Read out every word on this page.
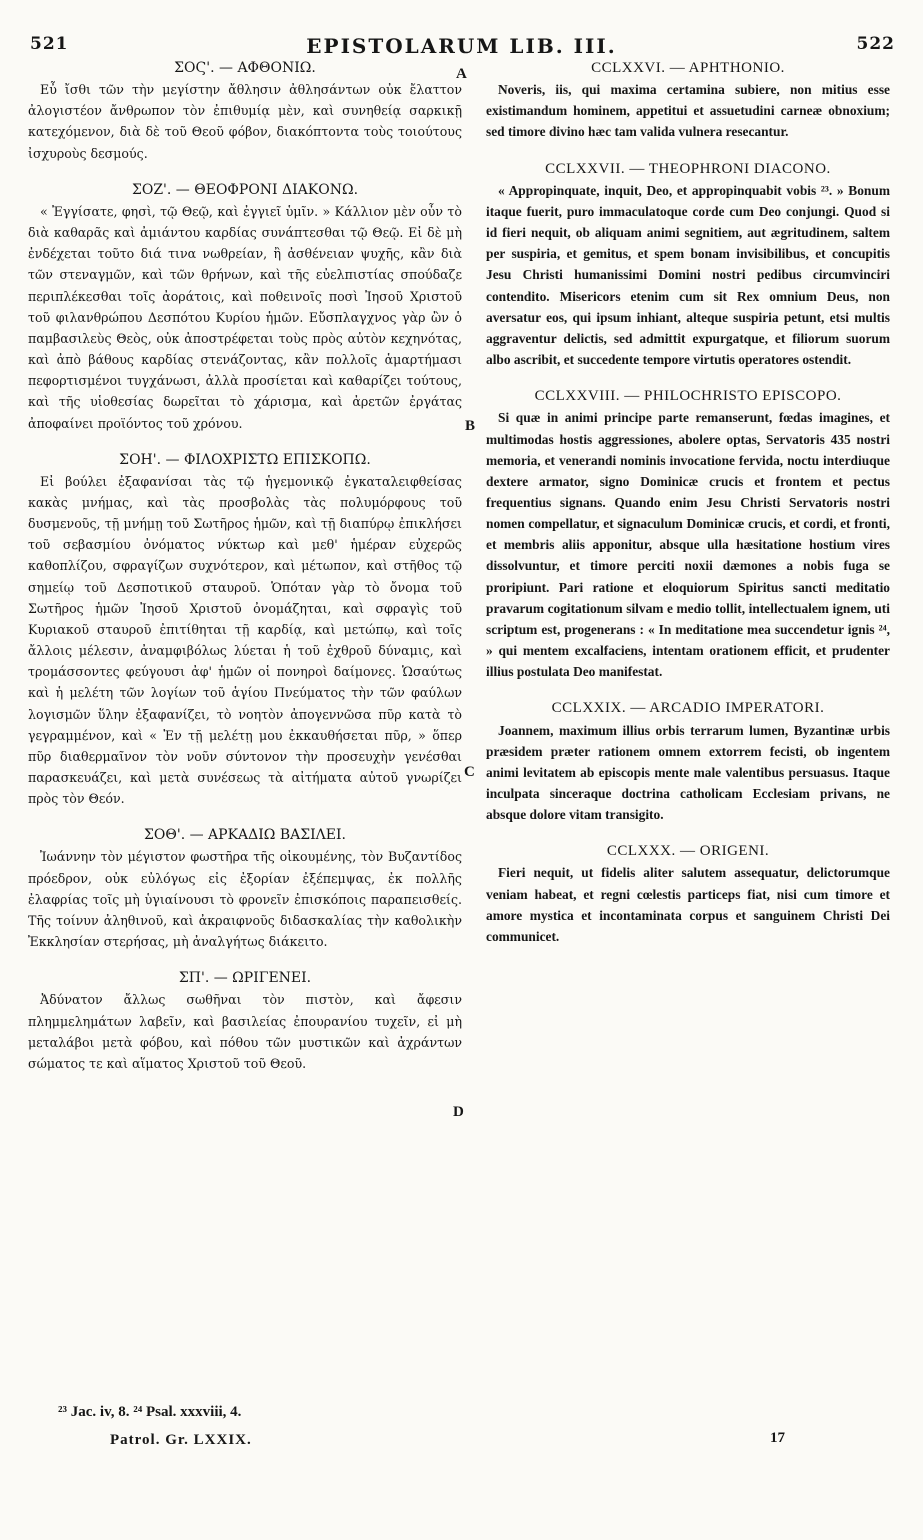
521	EPISTOLARUM LIB. III.	522
A
B
C
D

ΣΟϚ'. — ΑΦΘΟΝΙΩ.

Εὖ ἴσθι τῶν τὴν μεγίστην ἄθλησιν ἀθλησάντων οὐκ ἔλαττον ἀλογιστέον ἄνθρωπον τὸν ἐπιθυμίᾳ μὲν, καὶ συνηθείᾳ σαρκικῇ κατεχόμενον, διὰ δὲ τοῦ Θεοῦ φόβον, διακόπτοντα τοὺς τοιούτους ἰσχυροὺς δεσμούς.

ΣΟΖ'. — ΘΕΟΦΡΟΝΙ ΔΙΑΚΟΝΩ.

« Ἐγγίσατε, φησὶ, τῷ Θεῷ, καὶ ἐγγιεῖ ὑμῖν. » Κάλλιον μὲν οὖν τὸ διὰ καθαρᾶς καὶ ἀμιάντου καρδίας συνάπτεσθαι τῷ Θεῷ. Εἰ δὲ μὴ ἐνδέχεται τοῦτο διά τινα νωθρείαν, ἢ ἀσθένειαν ψυχῆς, κἂν διὰ τῶν στεναγμῶν, καὶ τῶν θρήνων, καὶ τῆς εὐελπιστίας σπούδαζε περιπλέκεσθαι τοῖς ἀοράτοις, καὶ ποθεινοῖς ποσὶ Ἰησοῦ Χριστοῦ τοῦ φιλανθρώπου Δεσπότου Κυρίου ἡμῶν. Εὔσπλαγχνος γὰρ ὢν ὁ παμβασιλεὺς Θεὸς, οὐκ ἀποστρέφεται τοὺς πρὸς αὐτὸν κεχηνότας, καὶ ἀπὸ βάθους καρδίας στενάζοντας, κἂν πολλοῖς ἁμαρτήμασι πεφορτισμένοι τυγχάνωσι, ἀλλὰ προσίεται καὶ καθαρίζει τούτους, καὶ τῆς υἱοθεσίας δωρεῖται τὸ χάρισμα, καὶ ἀρετῶν ἐργάτας ἀποφαίνει προϊόντος τοῦ χρόνου.

ΣΟΗ'. — ΦΙΛΟΧΡΙΣΤΩ ΕΠΙΣΚΟΠΩ.

Εἰ βούλει ἐξαφανίσαι τὰς τῷ ἡγεμονικῷ ἐγκαταλειφθείσας κακὰς μνήμας, καὶ τὰς προσβολὰς τὰς πολυμόρφους τοῦ δυσμενοῦς, τῇ μνήμῃ τοῦ Σωτῆρος ἡμῶν, καὶ τῇ διαπύρῳ ἐπικλήσει τοῦ σεβασμίου ὀνόματος νύκτωρ καὶ μεθ' ἡμέραν εὐχερῶς καθοπλίζου, σφραγίζων συχνότερον, καὶ μέτωπον, καὶ στῆθος τῷ σημείῳ τοῦ Δεσποτικοῦ σταυροῦ. Ὁπόταν γὰρ τὸ ὄνομα τοῦ Σωτῆρος ἡμῶν Ἰησοῦ Χριστοῦ ὀνομάζηται, καὶ σφραγὶς τοῦ Κυριακοῦ σταυροῦ ἐπιτίθηται τῇ καρδίᾳ, καὶ μετώπῳ, καὶ τοῖς ἄλλοις μέλεσιν, ἀναμφιβόλως λύεται ἡ τοῦ ἐχθροῦ δύναμις, καὶ τρομάσσοντες φεύγουσι ἀφ' ἡμῶν οἱ πονηροὶ δαίμονες. Ὡσαύτως καὶ ἡ μελέτη τῶν λογίων τοῦ ἁγίου Πνεύματος τὴν τῶν φαύλων λογισμῶν ὕλην ἐξαφανίζει, τὸ νοητὸν ἀπογεννῶσα πῦρ κατὰ τὸ γεγραμμένον, καὶ « Ἐν τῇ μελέτῃ μου ἐκκαυθήσεται πῦρ, » ὅπερ πῦρ διαθερμαῖνον τὸν νοῦν σύντονον τὴν προσευχὴν γενέσθαι παρασκευάζει, καὶ μετὰ συνέσεως τὰ αἰτήματα αὐτοῦ γνωρίζει πρὸς τὸν Θεόν.

ΣΟΘ'. — ΑΡΚΑΔΙΩ ΒΑΣΙΛΕΙ.

Ἰωάννην τὸν μέγιστον φωστῆρα τῆς οἰκουμένης, τὸν Βυζαντίδος πρόεδρον, οὐκ εὐλόγως εἰς ἐξορίαν ἐξέπεμψας, ἐκ πολλῆς ἐλαφρίας τοῖς μὴ ὑγιαίνουσι τὸ φρονεῖν ἐπισκόποις παραπεισθείς. Τῆς τοίνυν ἀληθινοῦ, καὶ ἀκραιφνοῦς διδασκαλίας τὴν καθολικὴν Ἐκκλησίαν στερήσας, μὴ ἀναλγήτως διάκειτο.

ΣΠ'. — ΩΡΙΓΕΝΕΙ.

Ἀδύνατον ἄλλως σωθῆναι τὸν πιστὸν, καὶ ἄφεσιν πλημμελημάτων λαβεῖν, καὶ βασιλείας ἐπουρανίου τυχεῖν, εἰ μὴ μεταλάβοι μετὰ φόβου, καὶ πόθου τῶν μυστικῶν καὶ ἀχράντων σώματος τε καὶ αἵματος Χριστοῦ τοῦ Θεοῦ.

CCLXXVI. — APHTHONIO.

Noveris, iis, qui maxima certamina subiere, non mitius esse existimandum hominem, appetitui et assuetudini carneæ obnoxium; sed timore divino hæc tam valida vulnera resecantur.

CCLXXVII. — THEOPHRONI DIACONO.

« Appropinquate, inquit, Deo, et appropinquabit vobis ²³. » Bonum itaque fuerit, puro immaculatoque corde cum Deo conjungi. Quod si id fieri nequit, ob aliquam animi segnitiem, aut ægritudinem, saltem per suspiria, et gemitus, et spem bonam invisibilibus, et concupitis Jesu Christi humanissimi Domini nostri pedibus circumvinciri contendito. Misericors etenim cum sit Rex omnium Deus, non aversatur eos, qui ipsum inhiant, alteque suspiria petunt, etsi multis aggraventur delictis, sed admittit expurgatque, et filiorum suorum albo ascribit, et succedente tempore virtutis operatores ostendit.

CCLXXVIII. — PHILOCHRISTO EPISCOPO.

Si quæ in animi principe parte remanserunt, fœdas imagines, et multimodas hostis aggressiones, abolere optas, Servatoris 435 nostri memoria, et venerandi nominis invocatione fervida, noctu interdiuque dextere armator, signo Dominicæ crucis et frontem et pectus frequentius signans. Quando enim Jesu Christi Servatoris nostri nomen compellatur, et signaculum Dominicæ crucis, et cordi, et fronti, et membris aliis apponitur, absque ulla hæsitatione hostium vires dissolvuntur, et timore perciti noxii dæmones a nobis fuga se proripiunt. Pari ratione et eloquiorum Spiritus sancti meditatio pravarum cogitationum silvam e medio tollit, intellectualem ignem, uti scriptum est, progenerans : « In meditatione mea succendetur ignis ²⁴, » qui mentem excalfaciens, intentam orationem efficit, et prudenter illius postulata Deo manifestat.

CCLXXIX. — ARCADIO IMPERATORI.

Joannem, maximum illius orbis terrarum lumen, Byzantinæ urbis præsidem præter rationem omnem extorrem fecisti, ob ingentem animi levitatem ab episcopis mente male valentibus persuasus. Itaque inculpata sinceraque doctrina catholicam Ecclesiam privans, ne absque dolore vitam transigito.

CCLXXX. — ORIGENI.

Fieri nequit, ut fidelis aliter salutem assequatur, delictorumque veniam habeat, et regni cœlestis particeps fiat, nisi cum timore et amore mystica et incontaminata corpus et sanguinem Christi Dei communicet.

²³ Jac. iv, 8. ²⁴ Psal. xxxviii, 4.
Patrol. Gr. LXXIX.	17
